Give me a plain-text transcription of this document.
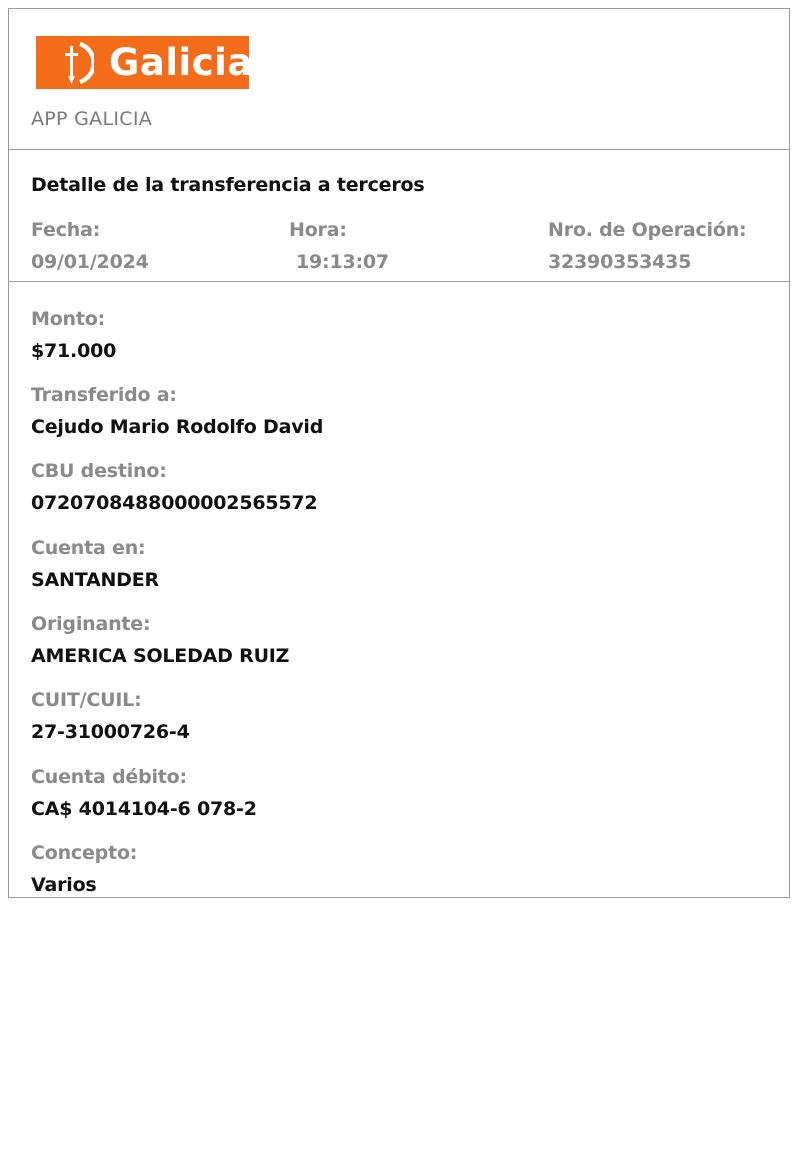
Galicia
APP GALICIA
Detalle de la transferencia a terceros
Fecha:
09/01/2024
Hora:
19:13:07
Nro. de Operación:
32390353435
Monto:
$71.000
Transferido a:
Cejudo Mario Rodolfo David
CBU destino:
0720708488000002565572
Cuenta en:
SANTANDER
Originante:
AMERICA SOLEDAD RUIZ
CUIT/CUIL:
27-31000726-4
Cuenta débito:
CA$ 4014104-6 078-2
Concepto:
Varios
